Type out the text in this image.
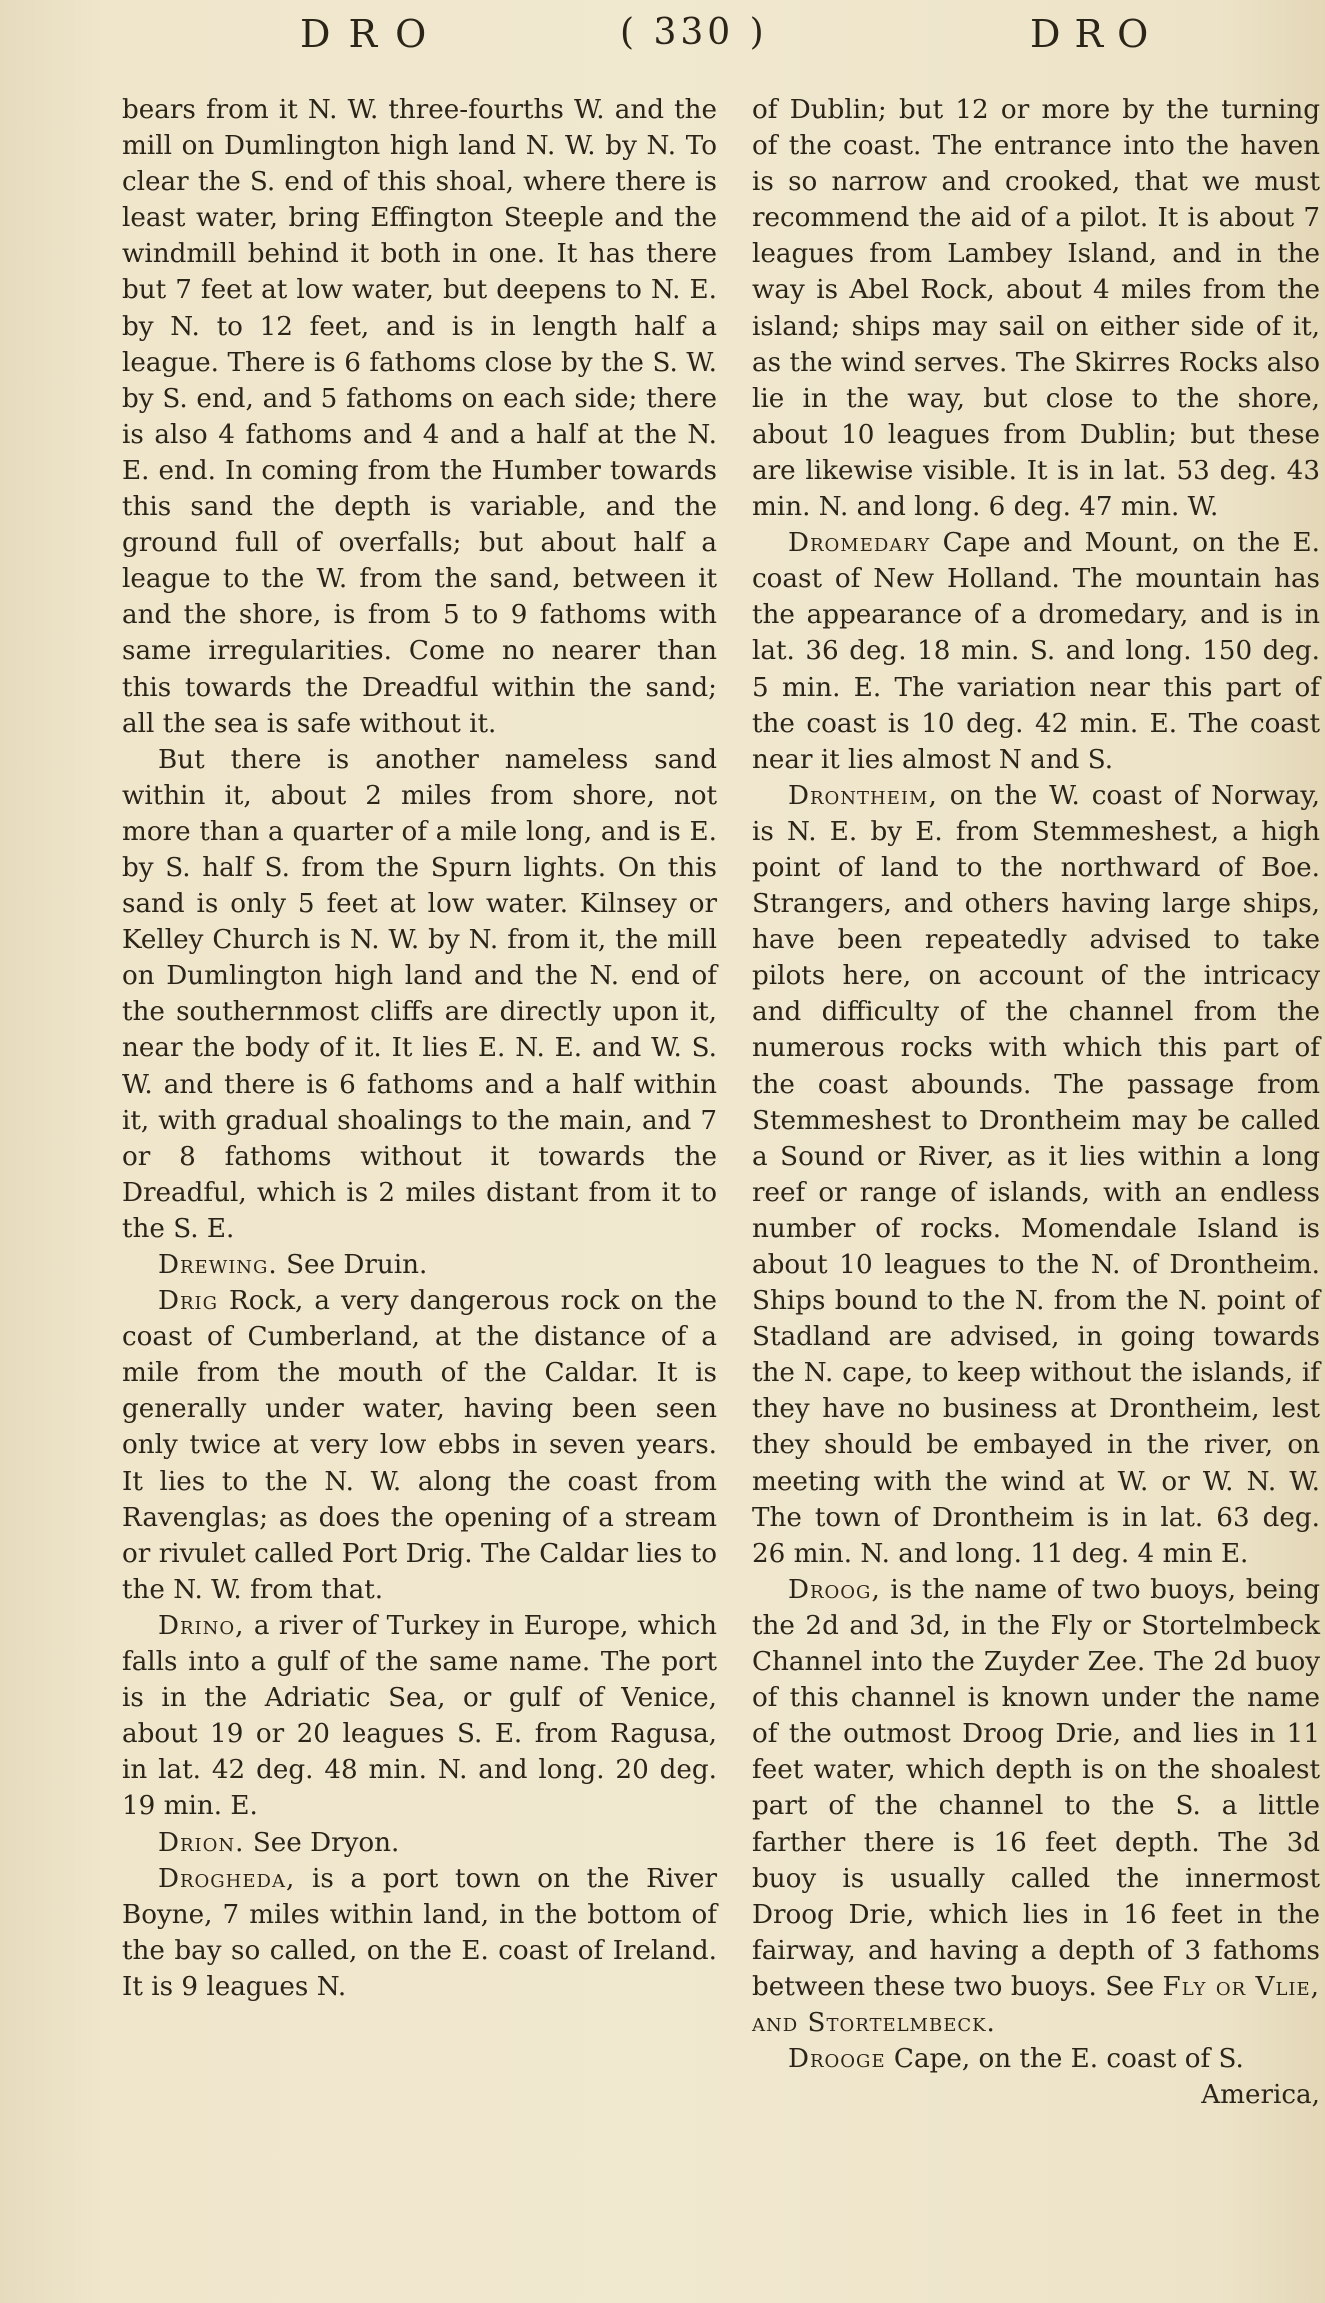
DRO	( 330 )	DRO

bears from it N. W. three-fourths W. and the mill on Dumlington high land N. W. by N. To clear the S. end of this shoal, where there is least water, bring Effington Steeple and the windmill behind it both in one. It has there but 7 feet at low water, but deepens to N. E. by N. to 12 feet, and is in length half a league. There is 6 fathoms close by the S. W. by S. end, and 5 fathoms on each side; there is also 4 fathoms and 4 and a half at the N. E. end. In coming from the Humber towards this sand the depth is variable, and the ground full of overfalls; but about half a league to the W. from the sand, between it and the shore, is from 5 to 9 fathoms with same irregularities. Come no nearer than this towards the Dreadful within the sand; all the sea is safe without it.

But there is another nameless sand within it, about 2 miles from shore, not more than a quarter of a mile long, and is E. by S. half S. from the Spurn lights. On this sand is only 5 feet at low water. Kilnsey or Kelley Church is N. W. by N. from it, the mill on Dumlington high land and the N. end of the southernmost cliffs are directly upon it, near the body of it. It lies E. N. E. and W. S. W. and there is 6 fathoms and a half within it, with gradual shoalings to the main, and 7 or 8 fathoms without it towards the Dreadful, which is 2 miles distant from it to the S. E.

Drewing. See Druin.

Drig Rock, a very dangerous rock on the coast of Cumberland, at the distance of a mile from the mouth of the Caldar. It is generally under water, having been seen only twice at very low ebbs in seven years. It lies to the N. W. along the coast from Ravenglas; as does the opening of a stream or rivulet called Port Drig. The Caldar lies to the N. W. from that.

Drino, a river of Turkey in Europe, which falls into a gulf of the same name. The port is in the Adriatic Sea, or gulf of Venice, about 19 or 20 leagues S. E. from Ragusa, in lat. 42 deg. 48 min. N. and long. 20 deg. 19 min. E.

Drion. See Dryon.

Drogheda, is a port town on the River Boyne, 7 miles within land, in the bottom of the bay so called, on the E. coast of Ireland. It is 9 leagues N.

of Dublin; but 12 or more by the turning of the coast. The entrance into the haven is so narrow and crooked, that we must recommend the aid of a pilot. It is about 7 leagues from Lambey Island, and in the way is Abel Rock, about 4 miles from the island; ships may sail on either side of it, as the wind serves. The Skirres Rocks also lie in the way, but close to the shore, about 10 leagues from Dublin; but these are likewise visible. It is in lat. 53 deg. 43 min. N. and long. 6 deg. 47 min. W.

Dromedary Cape and Mount, on the E. coast of New Holland. The mountain has the appearance of a dromedary, and is in lat. 36 deg. 18 min. S. and long. 150 deg. 5 min. E. The variation near this part of the coast is 10 deg. 42 min. E. The coast near it lies almost N and S.

Drontheim, on the W. coast of Norway, is N. E. by E. from Stemmeshest, a high point of land to the northward of Boe. Strangers, and others having large ships, have been repeatedly advised to take pilots here, on account of the intricacy and difficulty of the channel from the numerous rocks with which this part of the coast abounds. The passage from Stemmeshest to Drontheim may be called a Sound or River, as it lies within a long reef or range of islands, with an endless number of rocks. Momendale Island is about 10 leagues to the N. of Drontheim. Ships bound to the N. from the N. point of Stadland are advised, in going towards the N. cape, to keep without the islands, if they have no business at Drontheim, lest they should be embayed in the river, on meeting with the wind at W. or W. N. W. The town of Drontheim is in lat. 63 deg. 26 min. N. and long. 11 deg. 4 min E.

Droog, is the name of two buoys, being the 2d and 3d, in the Fly or Stortelmbeck Channel into the Zuyder Zee. The 2d buoy of this channel is known under the name of the outmost Droog Drie, and lies in 11 feet water, which depth is on the shoalest part of the channel to the S. a little farther there is 16 feet depth. The 3d buoy is usually called the innermost Droog Drie, which lies in 16 feet in the fairway, and having a depth of 3 fathoms between these two buoys. See Fly or Vlie, and Stortelmbeck.

Drooge Cape, on the E. coast of S.

America,
